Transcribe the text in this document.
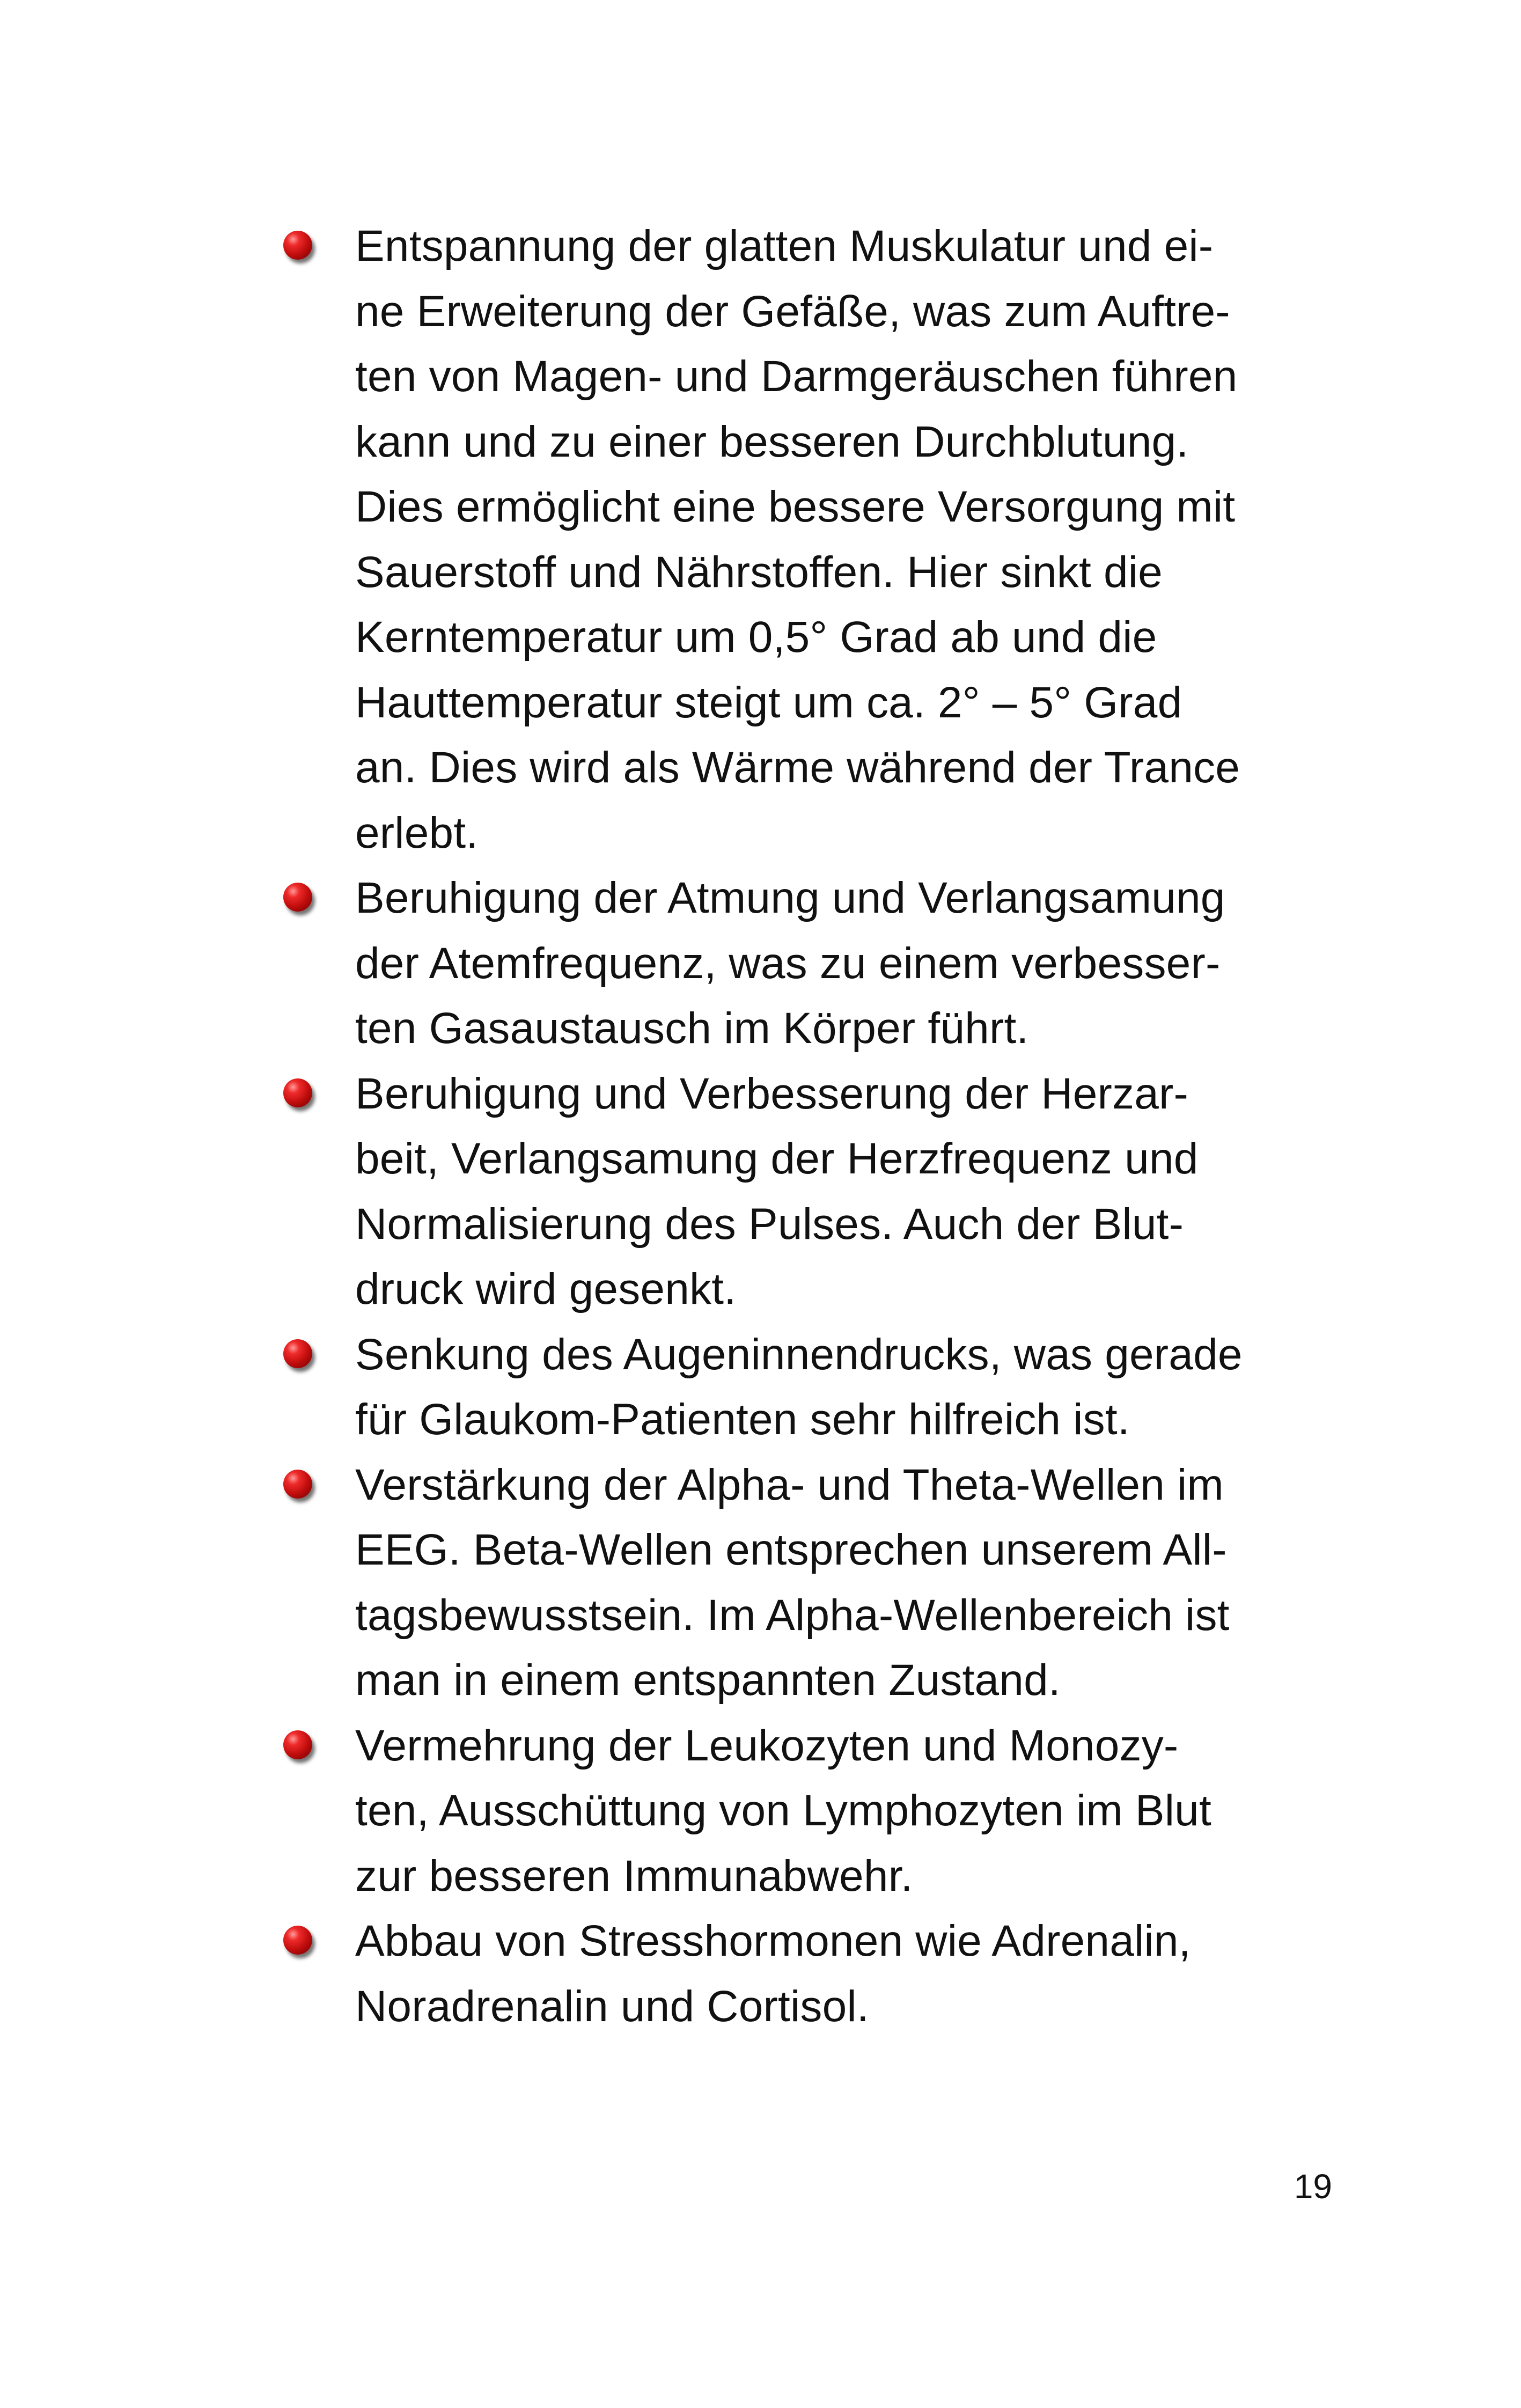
Entspannung der glatten Muskulatur und ei-
ne Erweiterung der Gefäße, was zum Auftre-
ten von Magen- und Darmgeräuschen führen
kann und zu einer besseren Durchblutung.
Dies ermöglicht eine bessere Versorgung mit
Sauerstoff und Nährstoffen. Hier sinkt die
Kerntemperatur um 0,5° Grad ab und die
Hauttemperatur steigt um ca. 2° – 5° Grad
an. Dies wird als Wärme während der Trance
erlebt.
Beruhigung der Atmung und Verlangsamung
der Atemfrequenz, was zu einem verbesser-
ten Gasaustausch im Körper führt.
Beruhigung und Verbesserung der Herzar-
beit, Verlangsamung der Herzfrequenz und
Normalisierung des Pulses. Auch der Blut-
druck wird gesenkt.
Senkung des Augeninnendrucks, was gerade
für Glaukom-Patienten sehr hilfreich ist.
Verstärkung der Alpha- und Theta-Wellen im
EEG. Beta-Wellen entsprechen unserem All-
tagsbewusstsein. Im Alpha-Wellenbereich ist
man in einem entspannten Zustand.
Vermehrung der Leukozyten und Monozy-
ten, Ausschüttung von Lymphozyten im Blut
zur besseren Immunabwehr.
Abbau von Stresshormonen wie Adrenalin,
Noradrenalin und Cortisol.
19
